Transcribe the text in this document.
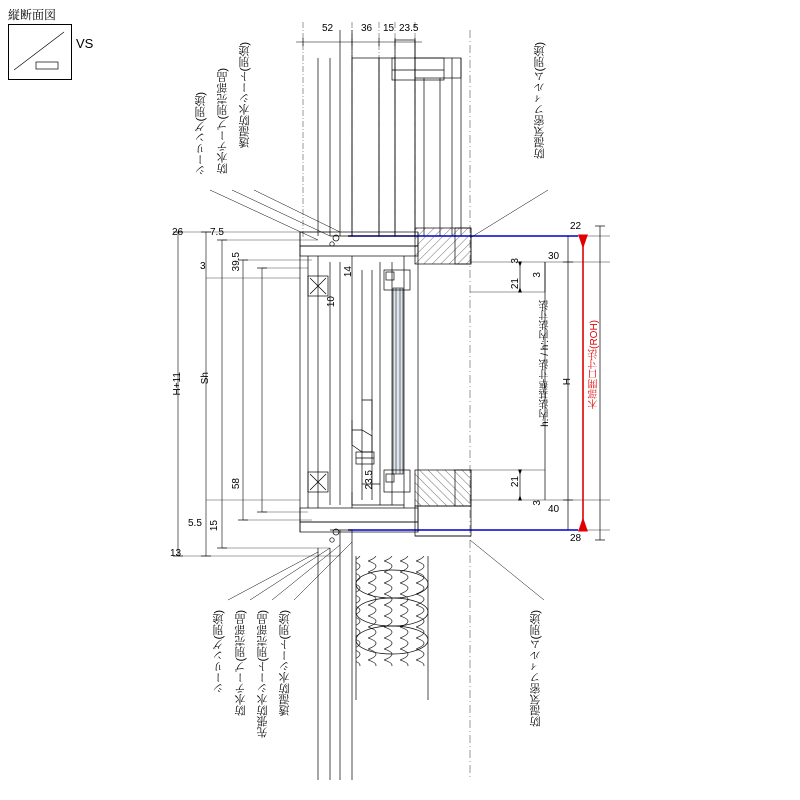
縦断面図
VS
52	36 15 23.5
26	7.5
3	39.5
10
14
H+11 Sh
58	23.5
5.5 15
13
22
30
21
3
3
H
21
3
40
28
h:内法基準寸法 / h′:内法寸法	木部開口寸法(ROH)
シーリング(別途) 防水テープ(別売部品) 透湿防水シート(別途)	防湿気密フィルム(別途)
シーリング(別途) 防水テープ(別売部品) 先張防水シート(別売部品) 透湿防水シート(別途)	防湿気密フィルム(別途)
